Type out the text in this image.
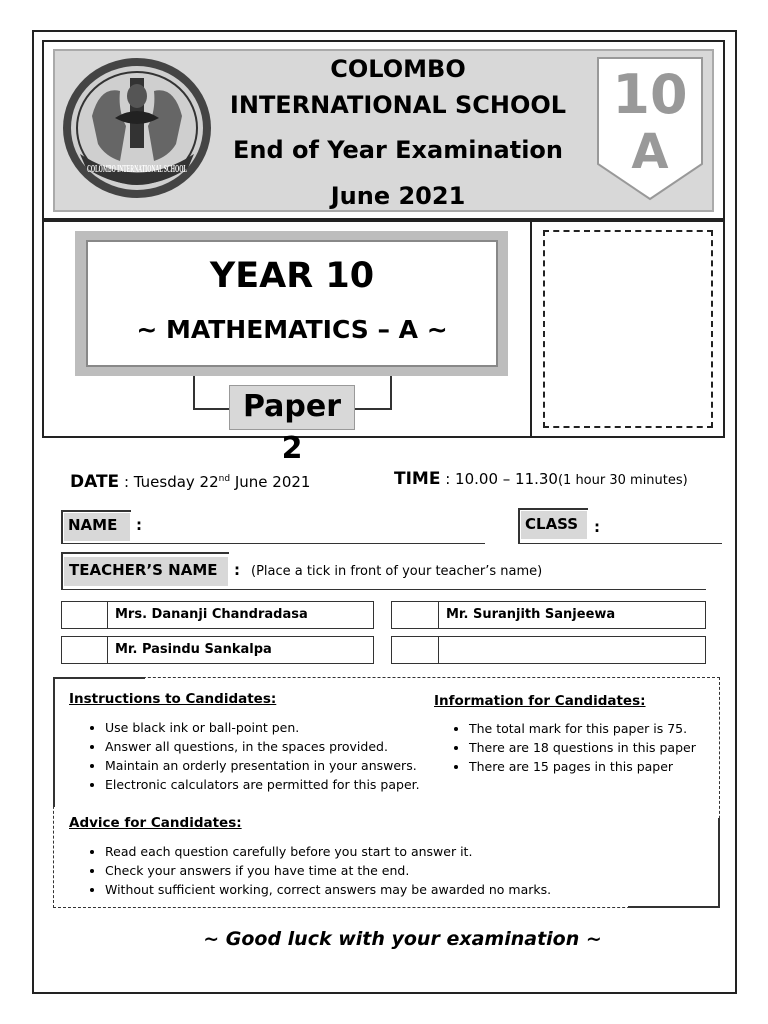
COLOMBO INTERNATIONAL SCHOOL
COLOMBO
INTERNATIONAL SCHOOL
End of Year Examination
June 2021
10
A
YEAR 10
~ MATHEMATICS – A ~
Paper 2
DATE : Tuesday 22nd June 2021	TIME : 10.00 – 11.30(1 hour 30 minutes)
NAME :	CLASS :
TEACHER’S NAME : (Place a tick in front of your teacher’s name)
Mrs. Dananji Chandradasa	Mr. Suranjith Sanjeewa
Mr. Pasindu Sankalpa
Instructions to Candidates:
• Use black ink or ball-point pen.
• Answer all questions, in the spaces provided.
• Maintain an orderly presentation in your answers.
• Electronic calculators are permitted for this paper.
Information for Candidates:
• The total mark for this paper is 75.
• There are 18 questions in this paper
• There are 15 pages in this paper
Advice for Candidates:
• Read each question carefully before you start to answer it.
• Check your answers if you have time at the end.
• Without sufficient working, correct answers may be awarded no marks.
~ Good luck with your examination ~
